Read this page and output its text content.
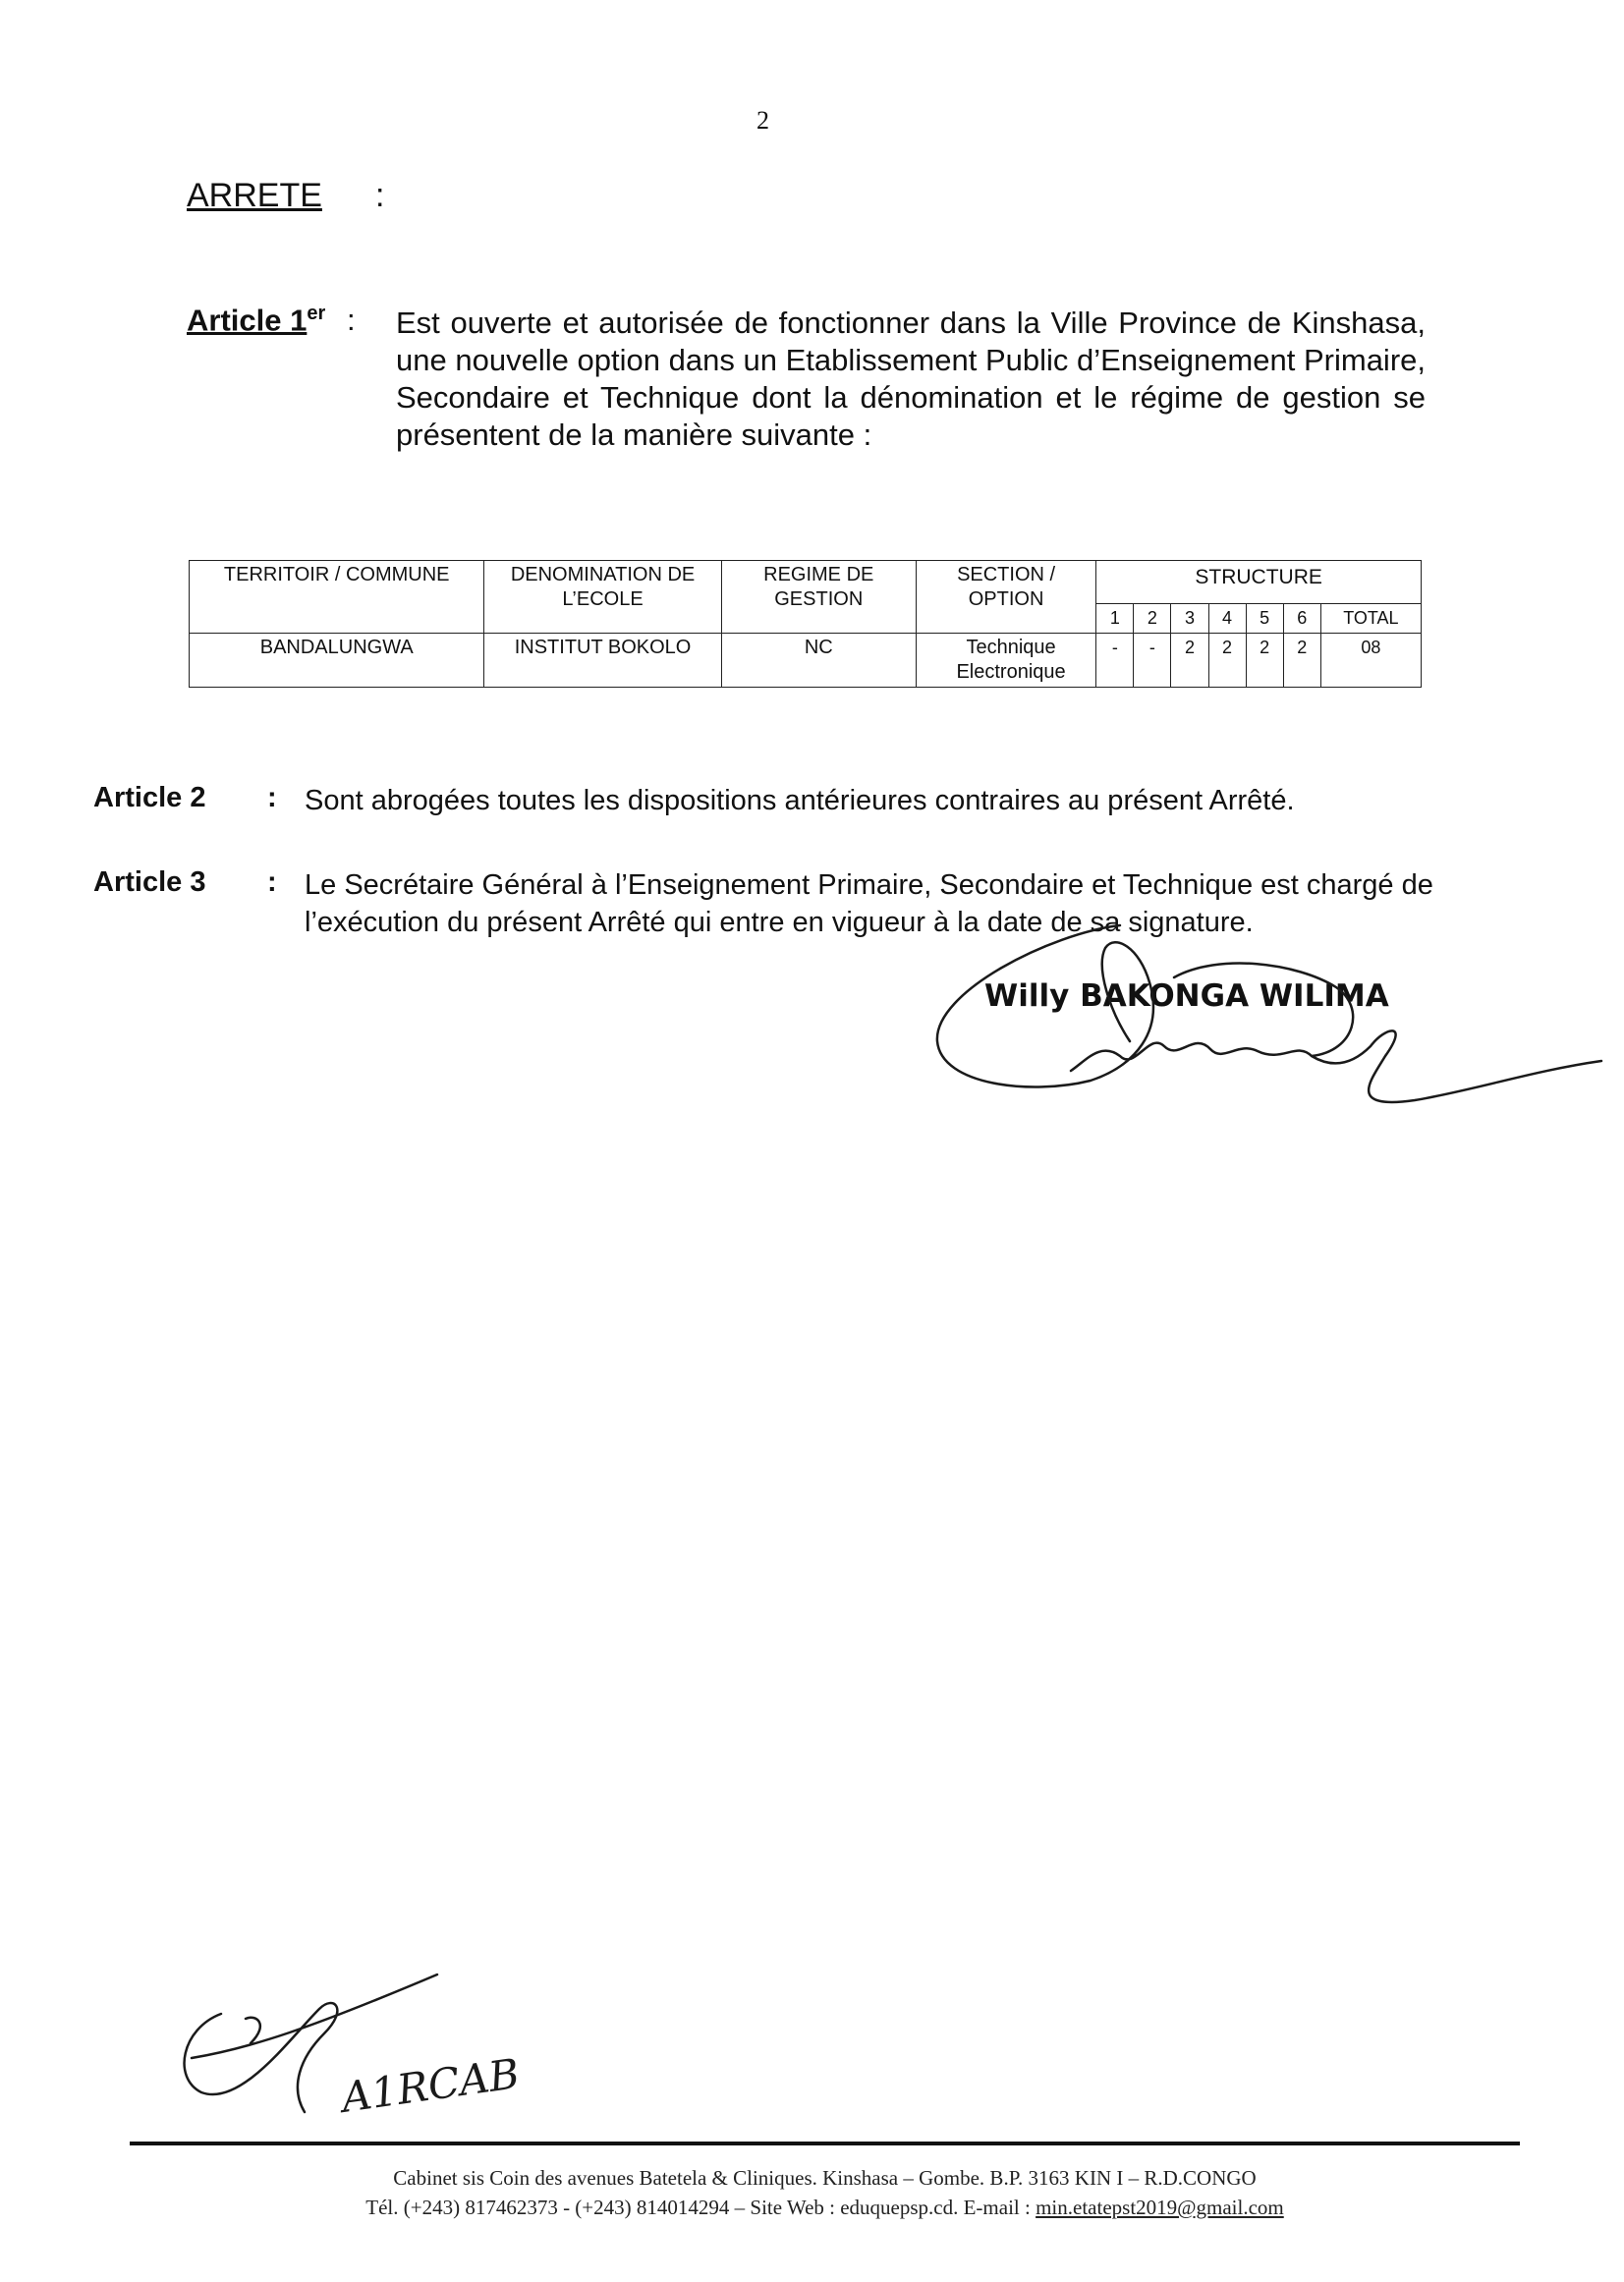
2
ARRETE :
Article 1er : Est ouverte et autorisée de fonctionner dans la Ville Province de Kinshasa, une nouvelle option dans un Etablissement Public d’Enseignement Primaire, Secondaire et Technique dont la dénomination et le régime de gestion se présentent de la manière suivante :
TERRITOIR / COMMUNE	DENOMINATION DE L’ECOLE	REGIME DE GESTION	SECTION / OPTION	STRUCTURE						
				1	2	3	4	5	6	TOTAL
BANDALUNGWA	INSTITUT BOKOLO	NC	Technique Electronique	-	-	2	2	2	2	08
Article 2 : Sont abrogées toutes les dispositions antérieures contraires au présent Arrêté.
Article 3 : Le Secrétaire Général à l’Enseignement Primaire, Secondaire et Technique est chargé de l’exécution du présent Arrêté qui entre en vigueur à la date de sa signature.
Willy BAKONGA WILIMA
A1RCAB
Cabinet sis Coin des avenues Batetela & Cliniques. Kinshasa – Gombe. B.P. 3163 KIN I – R.D.CONGO
Tél. (+243) 817462373 - (+243) 814014294 – Site Web : eduquepsp.cd. E-mail : min.etatepst2019@gmail.com
